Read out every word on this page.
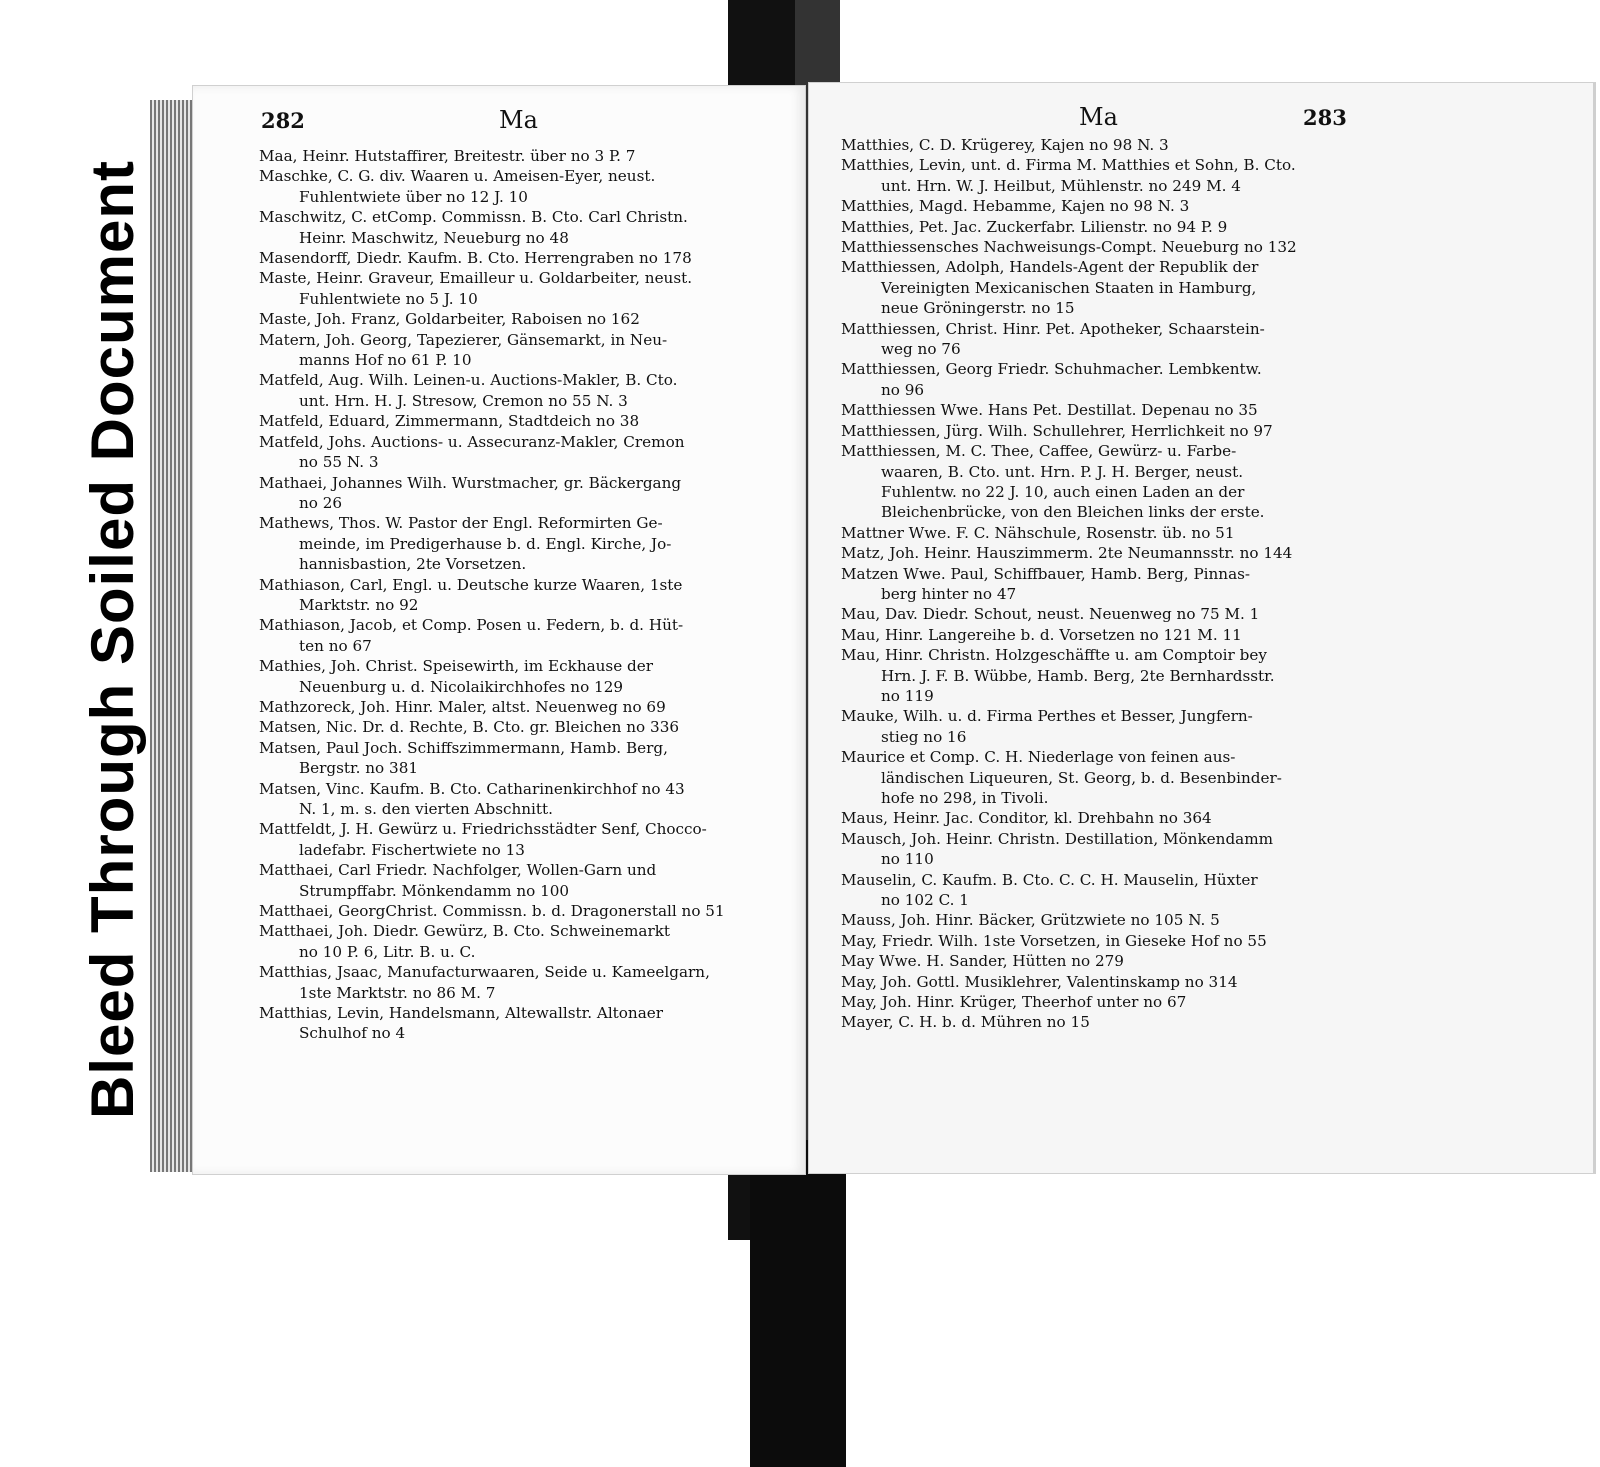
Bleed Through Soiled Document
282	Ma
Maa, Heinr. Hutstaffirer, Breitestr. über no 3 P. 7
Maschke, C. G. div. Waaren u. Ameisen-Eyer, neust.
Fuhlentwiete über no 12 J. 10
Maschwitz, C. etComp. Commissn. B. Cto. Carl Christn.
Heinr. Maschwitz, Neueburg no 48
Masendorff, Diedr. Kaufm. B. Cto. Herrengraben no 178
Maste, Heinr. Graveur, Emailleur u. Goldarbeiter, neust.
Fuhlentwiete no 5 J. 10
Maste, Joh. Franz, Goldarbeiter, Raboisen no 162
Matern, Joh. Georg, Tapezierer, Gänsemarkt, in Neu-
manns Hof no 61 P. 10
Matfeld, Aug. Wilh. Leinen-u. Auctions-Makler, B. Cto.
unt. Hrn. H. J. Stresow, Cremon no 55 N. 3
Matfeld, Eduard, Zimmermann, Stadtdeich no 38
Matfeld, Johs. Auctions- u. Assecuranz-Makler, Cremon
no 55 N. 3
Mathaei, Johannes Wilh. Wurstmacher, gr. Bäckergang
no 26
Mathews, Thos. W. Pastor der Engl. Reformirten Ge-
meinde, im Predigerhause b. d. Engl. Kirche, Jo-
hannisbastion, 2te Vorsetzen.
Mathiason, Carl, Engl. u. Deutsche kurze Waaren, 1ste
Marktstr. no 92
Mathiason, Jacob, et Comp. Posen u. Federn, b. d. Hüt-
ten no 67
Mathies, Joh. Christ. Speisewirth, im Eckhause der
Neuenburg u. d. Nicolaikirchhofes no 129
Mathzoreck, Joh. Hinr. Maler, altst. Neuenweg no 69
Matsen, Nic. Dr. d. Rechte, B. Cto. gr. Bleichen no 336
Matsen, Paul Joch. Schiffszimmermann, Hamb. Berg,
Bergstr. no 381
Matsen, Vinc. Kaufm. B. Cto. Catharinenkirchhof no 43
N. 1, m. s. den vierten Abschnitt.
Mattfeldt, J. H. Gewürz u. Friedrichsstädter Senf, Chocco-
ladefabr. Fischertwiete no 13
Matthaei, Carl Friedr. Nachfolger, Wollen-Garn und
Strumpffabr. Mönkendamm no 100
Matthaei, GeorgChrist. Commissn. b. d. Dragonerstall no 51
Matthaei, Joh. Diedr. Gewürz, B. Cto. Schweinemarkt
no 10 P. 6, Litr. B. u. C.
Matthias, Jsaac, Manufacturwaaren, Seide u. Kameelgarn,
1ste Marktstr. no 86 M. 7
Matthias, Levin, Handelsmann, Altewallstr. Altonaer
Schulhof no 4
Ma	283
Matthies, C. D. Krügerey, Kajen no 98 N. 3
Matthies, Levin, unt. d. Firma M. Matthies et Sohn, B. Cto.
unt. Hrn. W. J. Heilbut, Mühlenstr. no 249 M. 4
Matthies, Magd. Hebamme, Kajen no 98 N. 3
Matthies, Pet. Jac. Zuckerfabr. Lilienstr. no 94 P. 9
Matthiessensches Nachweisungs-Compt. Neueburg no 132
Matthiessen, Adolph, Handels-Agent der Republik der
Vereinigten Mexicanischen Staaten in Hamburg,
neue Gröningerstr. no 15
Matthiessen, Christ. Hinr. Pet. Apotheker, Schaarstein-
weg no 76
Matthiessen, Georg Friedr. Schuhmacher. Lembkentw.
no 96
Matthiessen Wwe. Hans Pet. Destillat. Depenau no 35
Matthiessen, Jürg. Wilh. Schullehrer, Herrlichkeit no 97
Matthiessen, M. C. Thee, Caffee, Gewürz- u. Farbe-
waaren, B. Cto. unt. Hrn. P. J. H. Berger, neust.
Fuhlentw. no 22 J. 10, auch einen Laden an der
Bleichenbrücke, von den Bleichen links der erste.
Mattner Wwe. F. C. Nähschule, Rosenstr. üb. no 51
Matz, Joh. Heinr. Hauszimmerm. 2te Neumannsstr. no 144
Matzen Wwe. Paul, Schiffbauer, Hamb. Berg, Pinnas-
berg hinter no 47
Mau, Dav. Diedr. Schout, neust. Neuenweg no 75 M. 1
Mau, Hinr. Langereihe b. d. Vorsetzen no 121 M. 11
Mau, Hinr. Christn. Holzgeschäffte u. am Comptoir bey
Hrn. J. F. B. Wübbe, Hamb. Berg, 2te Bernhardsstr.
no 119
Mauke, Wilh. u. d. Firma Perthes et Besser, Jungfern-
stieg no 16
Maurice et Comp. C. H. Niederlage von feinen aus-
ländischen Liqueuren, St. Georg, b. d. Besenbinder-
hofe no 298, in Tivoli.
Maus, Heinr. Jac. Conditor, kl. Drehbahn no 364
Mausch, Joh. Heinr. Christn. Destillation, Mönkendamm
no 110
Mauselin, C. Kaufm. B. Cto. C. C. H. Mauselin, Hüxter
no 102 C. 1
Mauss, Joh. Hinr. Bäcker, Grützwiete no 105 N. 5
May, Friedr. Wilh. 1ste Vorsetzen, in Gieseke Hof no 55
May Wwe. H. Sander, Hütten no 279
May, Joh. Gottl. Musiklehrer, Valentinskamp no 314
May, Joh. Hinr. Krüger, Theerhof unter no 67
Mayer, C. H. b. d. Mühren no 15
